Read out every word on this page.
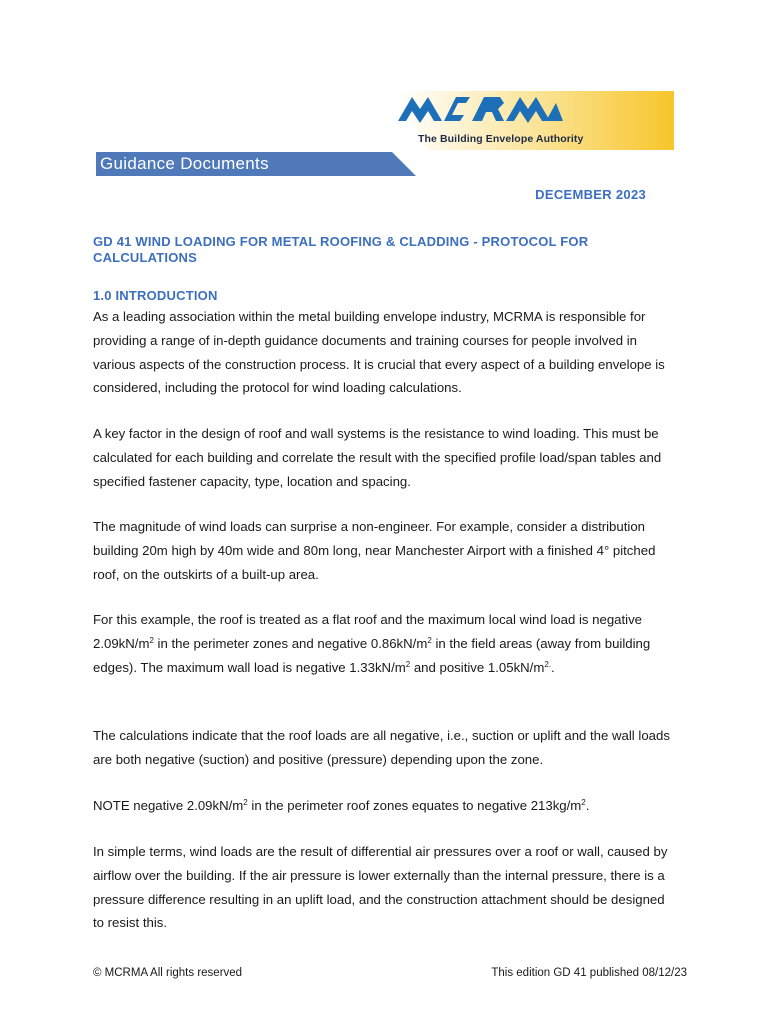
The Building Envelope Authority
Guidance Documents
DECEMBER 2023
GD 41 WIND LOADING FOR METAL ROOFING & CLADDING - PROTOCOL FOR CALCULATIONS
1.0 INTRODUCTION

As a leading association within the metal building envelope industry, MCRMA is responsible for providing a range of in-depth guidance documents and training courses for people involved in various aspects of the construction process. It is crucial that every aspect of a building envelope is considered, including the protocol for wind loading calculations.

A key factor in the design of roof and wall systems is the resistance to wind loading. This must be calculated for each building and correlate the result with the specified profile load/span tables and specified fastener capacity, type, location and spacing.

The magnitude of wind loads can surprise a non-engineer. For example, consider a distribution building 20m high by 40m wide and 80m long, near Manchester Airport with a finished 4° pitched roof, on the outskirts of a built-up area.

For this example, the roof is treated as a flat roof and the maximum local wind load is negative $2.09kN/m^2$ in the perimeter zones and negative $0.86kN/m^2$ in the field areas (away from building edges). The maximum wall load is negative $1.33kN/m^2$ and positive $1.05kN/m^{2.}$.

The calculations indicate that the roof loads are all negative, i.e., suction or uplift and the wall loads are both negative (suction) and positive (pressure) depending upon the zone.

NOTE negative $2.09kN/m^2$ in the perimeter roof zones equates to negative $213kg/m^2$.

In simple terms, wind loads are the result of differential air pressures over a roof or wall, caused by airflow over the building. If the air pressure is lower externally than the internal pressure, there is a pressure difference resulting in an uplift load, and the construction attachment should be designed to resist this.

© MCRMA All rights reserved	This edition GD 41 published 08/12/23
